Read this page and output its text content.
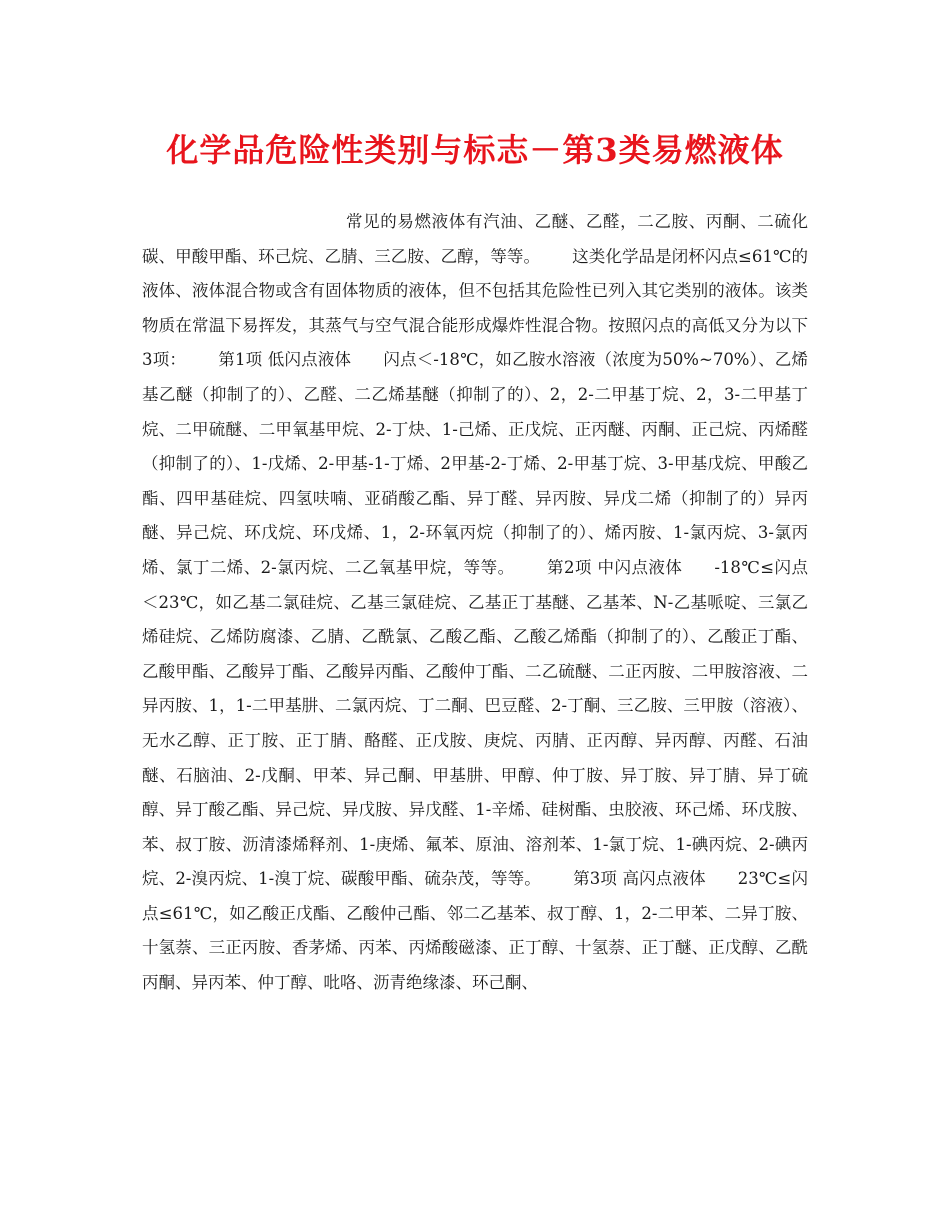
化学品危险性类别与标志－第3类易燃液体

常见的易燃液体有汽油、乙醚、乙醛，二乙胺、丙酮、二硫化碳、甲酸甲酯、环己烷、乙腈、三乙胺、乙醇，等等。 这类化学品是闭杯闪点≤61℃的液体、液体混合物或含有固体物质的液体，但不包括其危险性已列入其它类别的液体。该类物质在常温下易挥发，其蒸气与空气混合能形成爆炸性混合物。按照闪点的高低又分为以下3项： 第1项 低闪点液体 闪点＜-18℃，如乙胺水溶液（浓度为50%~70%）、乙烯基乙醚（抑制了的）、乙醛、二乙烯基醚（抑制了的）、2，2-二甲基丁烷、2，3-二甲基丁烷、二甲硫醚、二甲氧基甲烷、2-丁炔、1-己烯、正戊烷、正丙醚、丙酮、正己烷、丙烯醛（抑制了的）、1-戊烯、2-甲基-1-丁烯、2甲基-2-丁烯、2-甲基丁烷、3-甲基戊烷、甲酸乙酯、四甲基硅烷、四氢呋喃、亚硝酸乙酯、异丁醛、异丙胺、异戊二烯（抑制了的）异丙醚、异己烷、环戊烷、环戊烯、1，2-环氧丙烷（抑制了的）、烯丙胺、1-氯丙烷、3-氯丙烯、氯丁二烯、2-氯丙烷、二乙氧基甲烷，等等。 第2项 中闪点液体 -18℃≤闪点＜23℃，如乙基二氯硅烷、乙基三氯硅烷、乙基正丁基醚、乙基苯、N-乙基哌啶、三氯乙烯硅烷、乙烯防腐漆、乙腈、乙酰氯、乙酸乙酯、乙酸乙烯酯（抑制了的）、乙酸正丁酯、乙酸甲酯、乙酸异丁酯、乙酸异丙酯、乙酸仲丁酯、二乙硫醚、二正丙胺、二甲胺溶液、二异丙胺、1，1-二甲基肼、二氯丙烷、丁二酮、巴豆醛、2-丁酮、三乙胺、三甲胺（溶液）、无水乙醇、正丁胺、正丁腈、酪醛、正戊胺、庚烷、丙腈、正丙醇、异丙醇、丙醛、石油醚、石脑油、2-戊酮、甲苯、异己酮、甲基肼、甲醇、仲丁胺、异丁胺、异丁腈、异丁硫醇、异丁酸乙酯、异己烷、异戊胺、异戊醛、1-辛烯、硅树酯、虫胶液、环己烯、环戊胺、苯、叔丁胺、沥清漆烯释剂、1-庚烯、氟苯、原油、溶剂苯、1-氯丁烷、1-碘丙烷、2-碘丙烷、2-溴丙烷、1-溴丁烷、碳酸甲酯、硫杂茂，等等。 第3项 高闪点液体 23℃≤闪点≤61℃，如乙酸正戊酯、乙酸仲己酯、邻二乙基苯、叔丁醇、1，2-二甲苯、二异丁胺、十氢萘、三正丙胺、香茅烯、丙苯、丙烯酸磁漆、正丁醇、十氢萘、正丁醚、正戊醇、乙酰丙酮、异丙苯、仲丁醇、吡咯、沥青绝缘漆、环己酮、
